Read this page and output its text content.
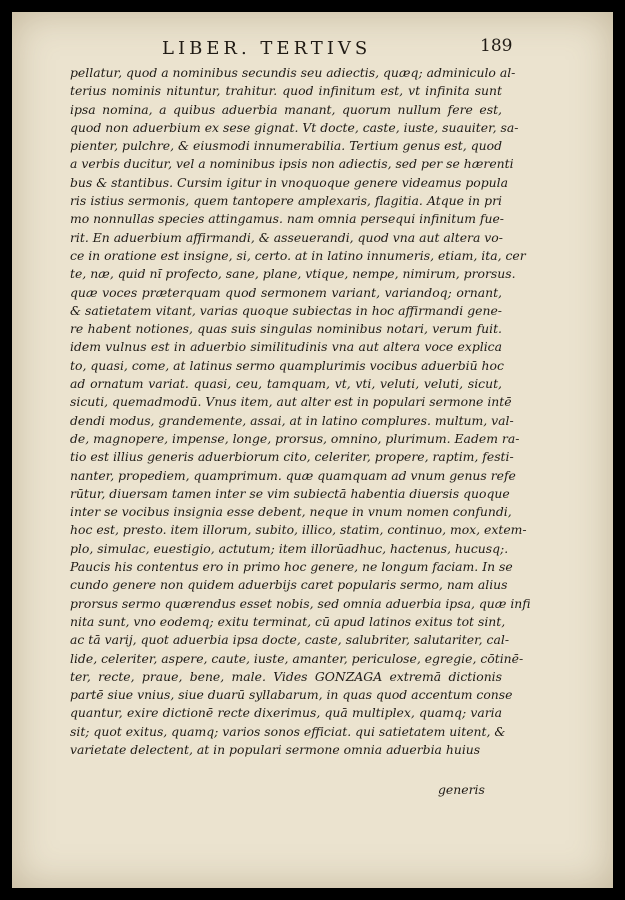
LIBER. TERTIVS	189
pellatur, quod a nominibus secundis seu adiectis, quæq; adminiculo al-
terius nominis nituntur, trahitur. quod infinitum est, vt infinita sunt
ipsa nomina, a quibus aduerbia manant, quorum nullum fere est,
quod non aduerbium ex sese gignat. Vt docte, caste, iuste, suauiter, sa-
pienter, pulchre, & eiusmodi innumerabilia. Tertium genus est, quod
a verbis ducitur, vel a nominibus ipsis non adiectis, sed per se hærenti
bus & stantibus. Cursim igitur in vnoquoque genere videamus popula
ris istius sermonis, quem tantopere amplexaris, flagitia. Atque in pri
mo nonnullas species attingamus. nam omnia persequi infinitum fue-
rit. En aduerbium affirmandi, & asseuerandi, quod vna aut altera vo-
ce in oratione est insigne, si, certo. at in latino innumeris, etiam, ita, cer
te, næ, quid nı̄ profecto, sane, plane, vtique, nempe, nimirum, prorsus.
quæ voces præterquam quod sermonem variant, variandoq; ornant,
& satietatem vitant, varias quoque subiectas in hoc affirmandi gene-
re habent notiones, quas suis singulas nominibus notari, verum fuit.
idem vulnus est in aduerbio similitudinis vna aut altera voce explica
to, quasi, come, at latinus sermo quamplurimis vocibus aduerbiū hoc
ad ornatum variat. quasi, ceu, tamquam, vt, vti, veluti, veluti, sicut,
sicuti, quemadmodū. Vnus item, aut alter est in populari sermone intē
dendi modus, grandemente, assai, at in latino complures. multum, val-
de, magnopere, impense, longe, prorsus, omnino, plurimum. Eadem ra-
tio est illius generis aduerbiorum cito, celeriter, propere, raptim, festi-
nanter, propediem, quamprimum. quæ quamquam ad vnum genus refe
rūtur, diuersam tamen inter se vim subiectā habentia diuersis quoque
inter se vocibus insignia esse debent, neque in vnum nomen confundi,
hoc est, presto. item illorum, subito, illico, statim, continuo, mox, extem-
plo, simulac, euestigio, actutum; item illorūadhuc, hactenus, hucusq;.
Paucis his contentus ero in primo hoc genere, ne longum faciam. In se
cundo genere non quidem aduerbijs caret popularis sermo, nam alius
prorsus sermo quærendus esset nobis, sed omnia aduerbia ipsa, quæ infi
nita sunt, vno eodemq; exitu terminat, cū apud latinos exitus tot sint,
ac tā varij, quot aduerbia ipsa docte, caste, salubriter, salutariter, cal-
lide, celeriter, aspere, caute, iuste, amanter, periculose, egregie, cōtinē-
ter, recte, praue, bene, male. Vides GONZAGA extremā dictionis
partē siue vnius, siue duarū syllabarum, in quas quod accentum conse
quantur, exire dictionē recte dixerimus, quā multiplex, quamq; varia
sit; quot exitus, quamq; varios sonos efficiat. qui satietatem uitent, &
varietate delectent, at in populari sermone omnia aduerbia huius
generis
